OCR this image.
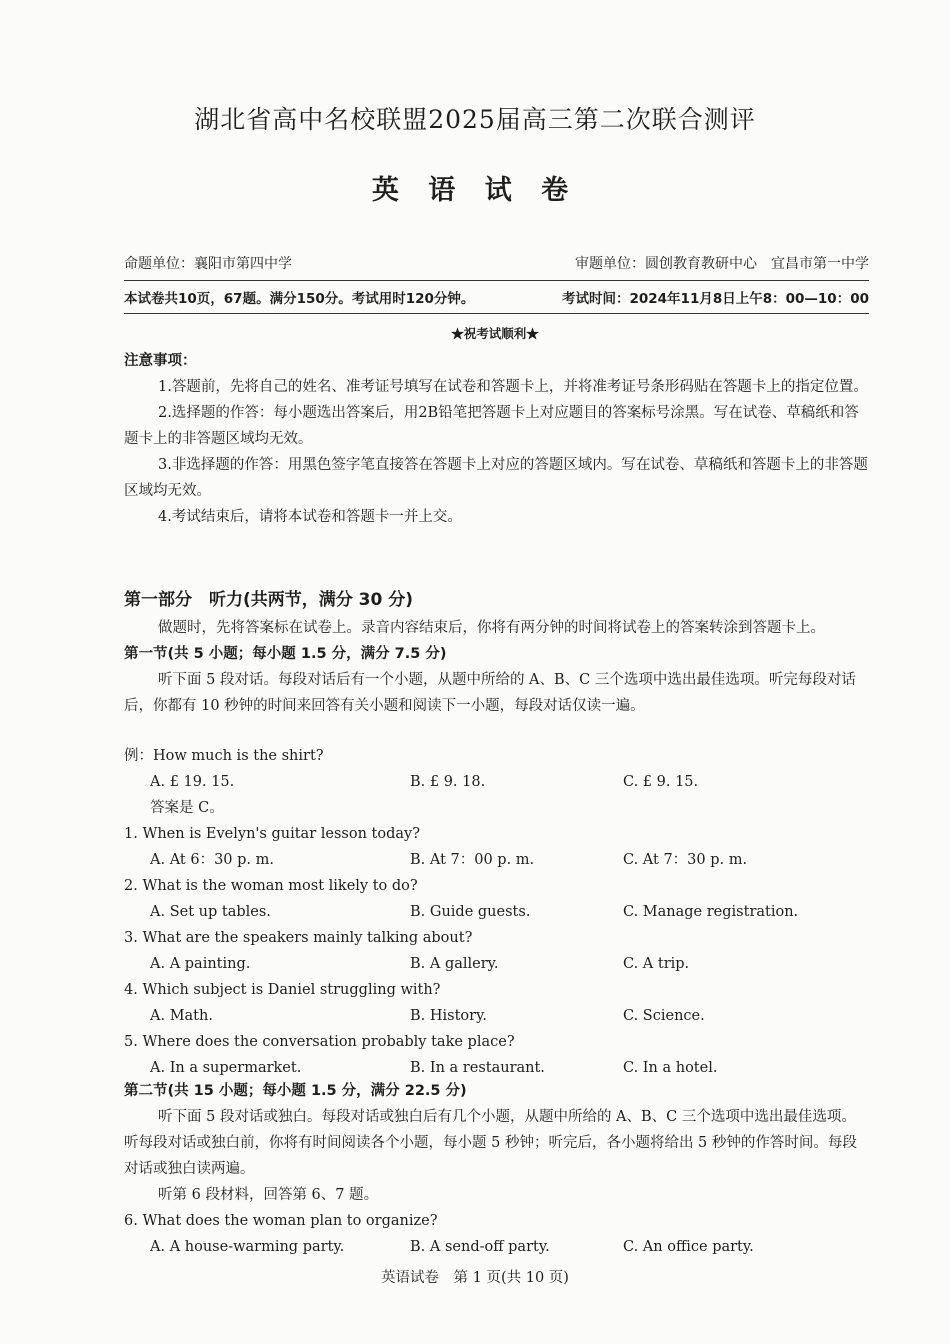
湖北省高中名校联盟2025届高三第二次联合测评
英 语 试 卷
命题单位：襄阳市第四中学	审题单位：圆创教育教研中心　宜昌市第一中学
本试卷共10页，67题。满分150分。考试用时120分钟。	考试时间：2024年11月8日上午8：00—10：00
★祝考试顺利★
注意事项：
1.答题前，先将自己的姓名、准考证号填写在试卷和答题卡上，并将准考证号条形码贴在答题卡上的指定位置。
2.选择题的作答：每小题选出答案后，用2B铅笔把答题卡上对应题目的答案标号涂黑。写在试卷、草稿纸和答题卡上的非答题区域均无效。
3.非选择题的作答：用黑色签字笔直接答在答题卡上对应的答题区域内。写在试卷、草稿纸和答题卡上的非答题区域均无效。
4.考试结束后，请将本试卷和答题卡一并上交。
第一部分　听力(共两节，满分 30 分)
做题时，先将答案标在试卷上。录音内容结束后，你将有两分钟的时间将试卷上的答案转涂到答题卡上。
第一节(共 5 小题；每小题 1.5 分，满分 7.5 分)
听下面 5 段对话。每段对话后有一个小题，从题中所给的 A、B、C 三个选项中选出最佳选项。听完每段对话后，你都有 10 秒钟的时间来回答有关小题和阅读下一小题，每段对话仅读一遍。
例：How much is the shirt?
A. £ 19. 15.	B. £ 9. 18.	C. £ 9. 15.
答案是 C。
1. When is Evelyn's guitar lesson today?
A. At 6：30 p. m.	B. At 7：00 p. m.	C. At 7：30 p. m.
2. What is the woman most likely to do?
A. Set up tables.	B. Guide guests.	C. Manage registration.
3. What are the speakers mainly talking about?
A. A painting.	B. A gallery.	C. A trip.
4. Which subject is Daniel struggling with?
A. Math.	B. History.	C. Science.
5. Where does the conversation probably take place?
A. In a supermarket.	B. In a restaurant.	C. In a hotel.
第二节(共 15 小题；每小题 1.5 分，满分 22.5 分)
听下面 5 段对话或独白。每段对话或独白后有几个小题，从题中所给的 A、B、C 三个选项中选出最佳选项。听每段对话或独白前，你将有时间阅读各个小题，每小题 5 秒钟；听完后，各小题将给出 5 秒钟的作答时间。每段对话或独白读两遍。
听第 6 段材料，回答第 6、7 题。
6. What does the woman plan to organize?
A. A house-warming party.	B. A send-off party.	C. An office party.
英语试卷　第 1 页(共 10 页)
